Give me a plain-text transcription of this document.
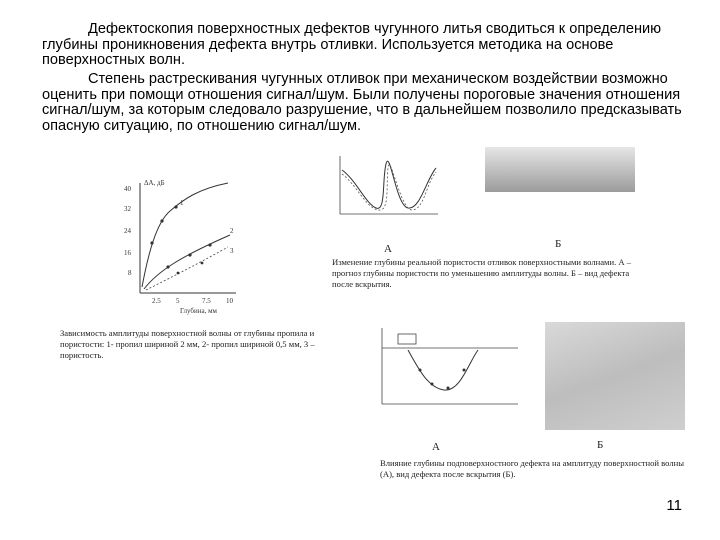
Дефектоскопия поверхностных дефектов чугунного литья сводиться к определению глубины проникновения дефекта внутрь отливки. Используется методика на основе поверхностных волн.

Степень растрескивания чугунных отливок при механическом воздействии возможно оценить при помощи отношения сигнал/шум. Были получены пороговые значения отношения сигнал/шум, за которым следовало разрушение, что в дальнейшем позволило предсказывать опасную ситуацию, по отношению сигнал/шум.

ΔA, дБ
40
32
24
16
8
2.5 5	7.5 10
Глубина, мм
1
2
3
Зависимость амплитуды поверхностной волны от глубины пропила и пористости: 1- пропил шириной 2 мм, 2- пропил шириной 0,5 мм, 3 – пористость.
А	Б
Изменение глубины реальной пористости отливок поверхностными волнами. А – прогноз глубины пористости по уменьшению амплитуды волны. Б – вид дефекта после вскрытия.
А	Б
Влияние глубины подповерхностного дефекта на амплитуду поверхностной волны (А), вид дефекта после вскрытия (Б).
11
